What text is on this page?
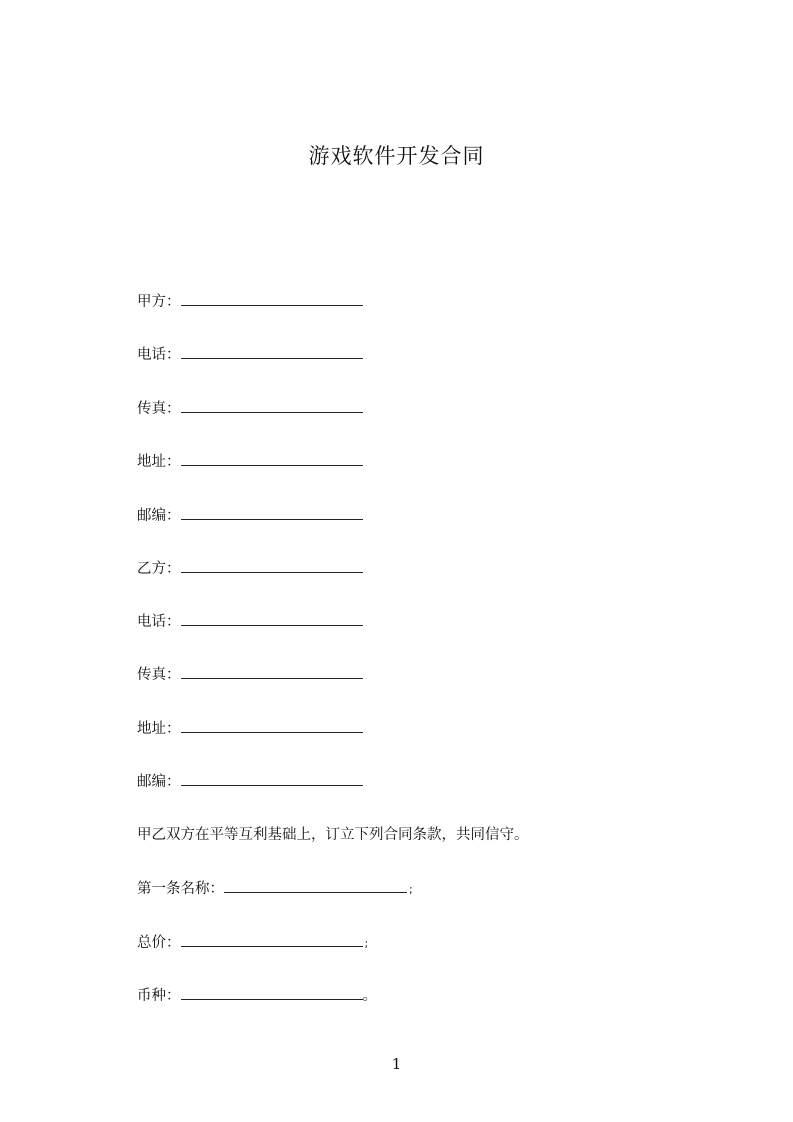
游戏软件开发合同
甲方：
电话：
传真：
地址：
邮编：
乙方：
电话：
传真：
地址：
邮编：
甲乙双方在平等互利基础上，订立下列合同条款，共同信守。
第一条名称：	;
总价：	;
币种：	。
1
